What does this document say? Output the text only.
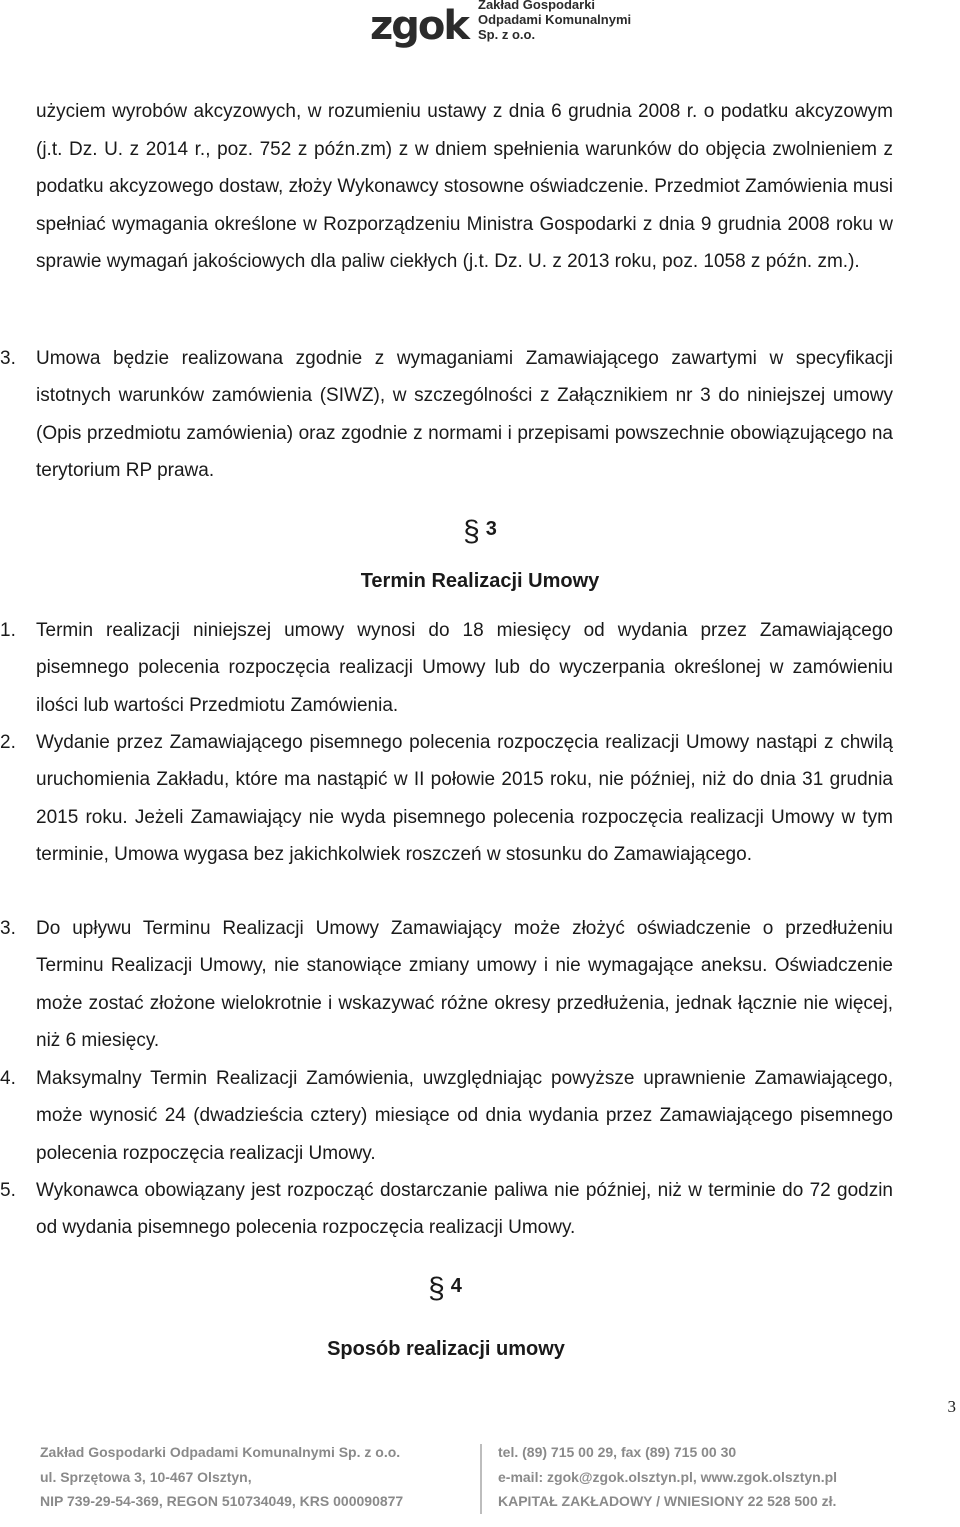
zgok Zakład Gospodarki
Odpadami Komunalnymi Sp. z o.o.

użyciem wyrobów akcyzowych, w rozumieniu ustawy z dnia 6 grudnia 2008 r. o podatku akcyzowym (j.t. Dz. U. z 2014 r., poz. 752 z późn.zm) z w dniem spełnienia warunków do objęcia zwolnieniem z podatku akcyzowego dostaw, złoży Wykonawcy stosowne oświadczenie. Przedmiot Zamówienia musi spełniać wymagania określone w Rozporządzeniu Ministra Gospodarki z dnia 9 grudnia 2008 roku w sprawie wymagań jakościowych dla paliw ciekłych (j.t. Dz. U. z 2013 roku, poz. 1058 z późn. zm.).

3.	Umowa będzie realizowana zgodnie z wymaganiami Zamawiającego zawartymi w specyfikacji istotnych warunków zamówienia (SIWZ), w szczególności z Załącznikiem nr 3 do niniejszej umowy (Opis przedmiotu zamówienia) oraz zgodnie z normami i przepisami powszechnie obowiązującego na terytorium RP prawa.
§ 3
Termin Realizacji Umowy
1.	Termin realizacji niniejszej umowy wynosi do 18 miesięcy od wydania przez Zamawiającego pisemnego polecenia rozpoczęcia realizacji Umowy lub do wyczerpania określonej w zamówieniu ilości lub wartości Przedmiotu Zamówienia.
2.	Wydanie przez Zamawiającego pisemnego polecenia rozpoczęcia realizacji Umowy nastąpi z chwilą uruchomienia Zakładu, które ma nastąpić w II połowie 2015 roku, nie później, niż do dnia 31 grudnia 2015 roku. Jeżeli Zamawiający nie wyda pisemnego polecenia rozpoczęcia realizacji Umowy w tym terminie, Umowa wygasa bez jakichkolwiek roszczeń w stosunku do Zamawiającego.
3.	Do upływu Terminu Realizacji Umowy Zamawiający może złożyć oświadczenie o przedłużeniu Terminu Realizacji Umowy, nie stanowiące zmiany umowy i nie wymagające aneksu. Oświadczenie może zostać złożone wielokrotnie i wskazywać różne okresy przedłużenia, jednak łącznie nie więcej, niż 6 miesięcy.
4.	Maksymalny Termin Realizacji Zamówienia, uwzględniając powyższe uprawnienie Zamawiającego, może wynosić 24 (dwadzieścia cztery) miesiące od dnia wydania przez Zamawiającego pisemnego polecenia rozpoczęcia realizacji Umowy.
5.	Wykonawca obowiązany jest rozpocząć dostarczanie paliwa nie później, niż w terminie do 72 godzin od wydania pisemnego polecenia rozpoczęcia realizacji Umowy.
§ 4
Sposób realizacji umowy
3
Zakład Gospodarki Odpadami Komunalnymi Sp. z o.o.
ul. Sprzętowa 3, 10-467 Olsztyn,
NIP 739-29-54-369, REGON 510734049, KRS 000090877
tel. (89) 715 00 29, fax (89) 715 00 30
e-mail: zgok@zgok.olsztyn.pl, www.zgok.olsztyn.pl
KAPITAŁ ZAKŁADOWY / WNIESIONY 22 528 500 zł.
